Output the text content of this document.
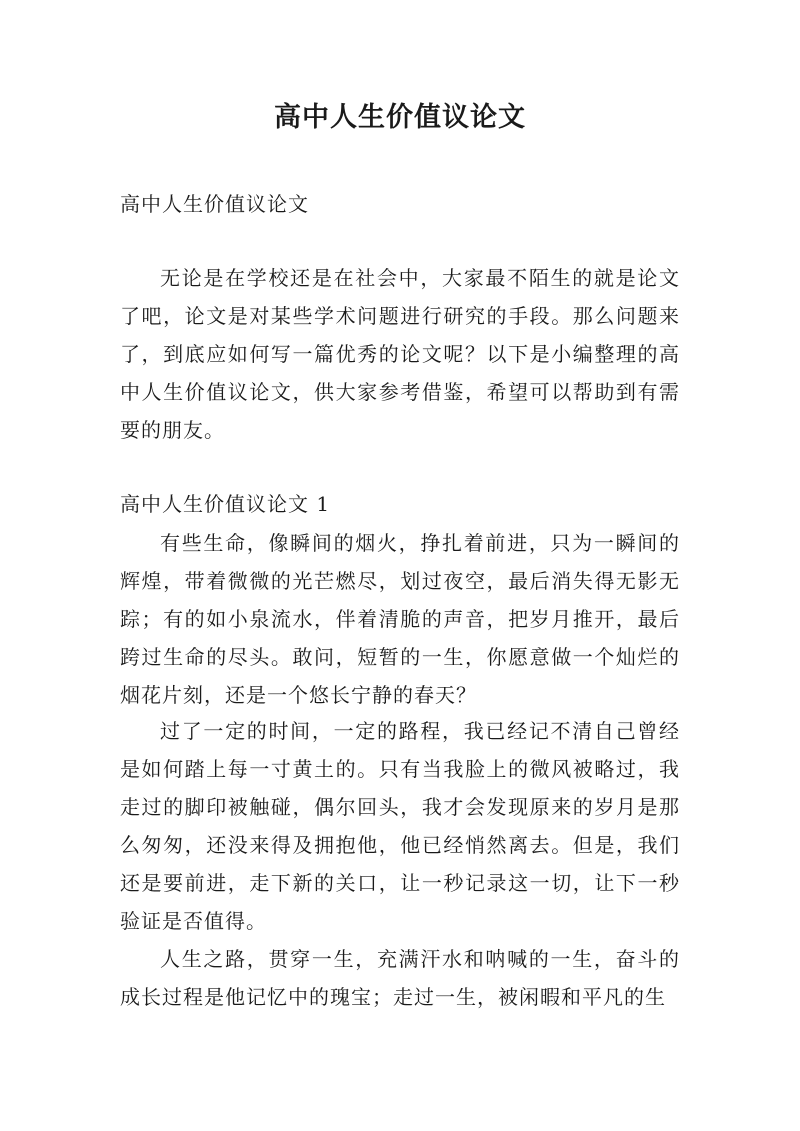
高中人生价值议论文

高中人生价值议论文

无论是在学校还是在社会中，大家最不陌生的就是论文了吧，论文是对某些学术问题进行研究的手段。那么问题来了，到底应如何写一篇优秀的论文呢？以下是小编整理的高中人生价值议论文，供大家参考借鉴，希望可以帮助到有需要的朋友。

高中人生价值议论文 1

有些生命，像瞬间的烟火，挣扎着前进，只为一瞬间的辉煌，带着微微的光芒燃尽，划过夜空，最后消失得无影无踪；有的如小泉流水，伴着清脆的声音，把岁月推开，最后跨过生命的尽头。敢问，短暂的一生，你愿意做一个灿烂的烟花片刻，还是一个悠长宁静的春天？

过了一定的时间，一定的路程，我已经记不清自己曾经是如何踏上每一寸黄土的。只有当我脸上的微风被略过，我走过的脚印被触碰，偶尔回头，我才会发现原来的岁月是那么匆匆，还没来得及拥抱他，他已经悄然离去。但是，我们还是要前进，走下新的关口，让一秒记录这一切，让下一秒验证是否值得。

人生之路，贯穿一生，充满汗水和呐喊的一生，奋斗的成长过程是他记忆中的瑰宝；走过一生，被闲暇和平凡的生
